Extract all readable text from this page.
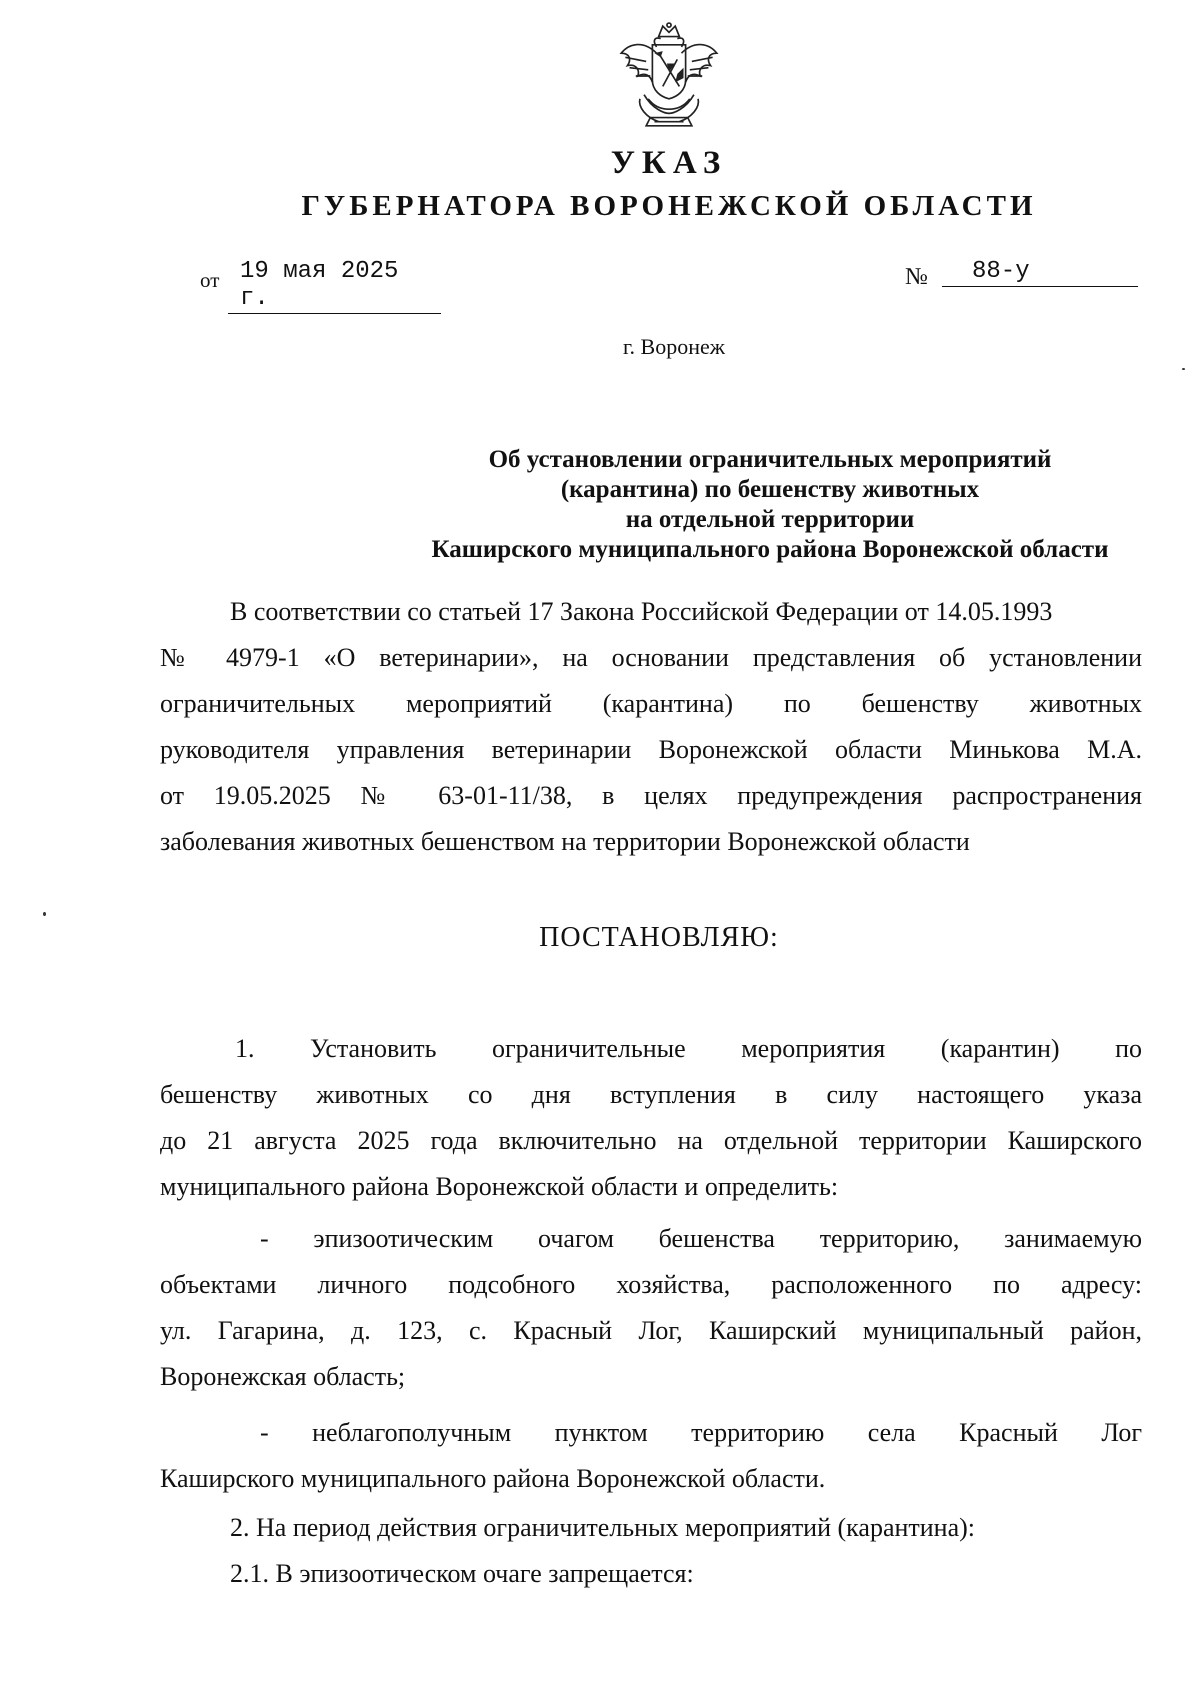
УКАЗ
ГУБЕРНАТОРА ВОРОНЕЖСКОЙ ОБЛАСТИ
от 19 мая 2025 г.
№	88-у
г. Воронеж
Об установлении ограничительных мероприятий
(карантина) по бешенству животных
на отдельной территории
Каширского муниципального района Воронежской области
В соответствии со статьей 17 Закона Российской Федерации от 14.05.1993
№ 4979-1 «О ветеринарии», на основании представления об установлении
ограничительных мероприятий (карантина) по бешенству животных
руководителя управления ветеринарии Воронежской области Минькова М.А.
от 19.05.2025 № 63-01-11/38, в целях предупреждения распространения
заболевания животных бешенством на территории Воронежской области
ПОСТАНОВЛЯЮ:
1. Установить ограничительные мероприятия (карантин) по
бешенству животных со дня вступления в силу настоящего указа
до 21 августа 2025 года включительно на отдельной территории Каширского
муниципального района Воронежской области и определить:
- эпизоотическим очагом бешенства территорию, занимаемую
объектами личного подсобного хозяйства, расположенного по адресу:
ул. Гагарина, д. 123, с. Красный Лог, Каширский муниципальный район,
Воронежская область;
- неблагополучным пунктом территорию села Красный Лог
Каширского муниципального района Воронежской области.
2. На период действия ограничительных мероприятий (карантина):
2.1. В эпизоотическом очаге запрещается:
